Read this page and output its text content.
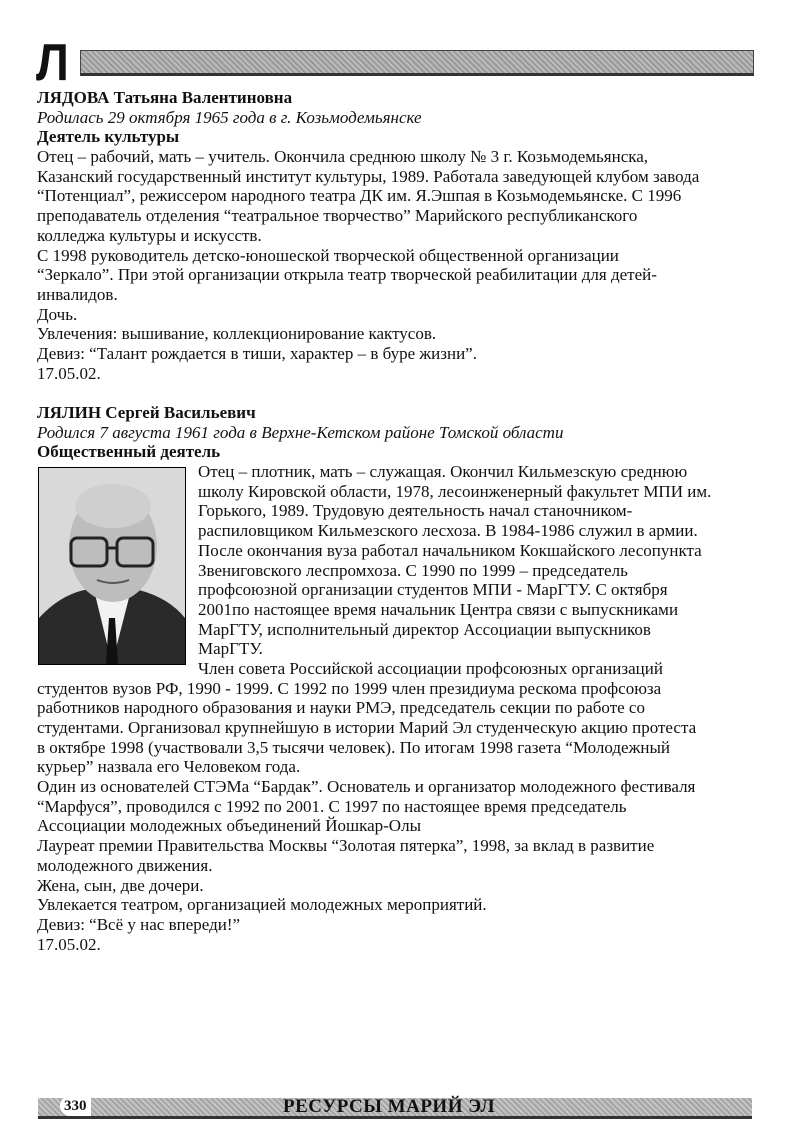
Л
ЛЯДОВА Татьяна Валентиновна
Родилась 29 октября 1965 года в г. Козьмодемьянске
Деятель культуры
Отец – рабочий, мать – учитель. Окончила среднюю школу № 3 г. Козьмодемьянска,
Казанский государственный институт культуры, 1989. Работала заведующей клубом завода
“Потенциал”, режиссером народного театра ДК им. Я.Эшпая в Козьмодемьянске. С 1996
преподаватель отделения “театральное творчество” Марийского республиканского
колледжа культуры и искусств.
С 1998 руководитель детско-юношеской творческой общественной организации
“Зеркало”. При этой организации открыла театр творческой реабилитации для детей-
инвалидов.
Дочь.
Увлечения: вышивание, коллекционирование кактусов.
Девиз: “Талант рождается в тиши, характер – в буре жизни”.
17.05.02.
ЛЯЛИН Сергей Васильевич
Родился 7 августа 1961 года в Верхне-Кетском районе Томской области
Общественный деятель
Отец – плотник, мать – служащая. Окончил Кильмезскую среднюю
школу Кировской области, 1978, лесоинженерный факультет МПИ им.
Горького, 1989. Трудовую деятельность начал станочником-
распиловщиком Кильмезского лесхоза. В 1984-1986 служил в армии.
После окончания вуза работал начальником Кокшайского лесопункта
Звениговского леспромхоза. С 1990 по 1999 – председатель
профсоюзной организации студентов МПИ - МарГТУ. С октября
2001по настоящее время начальник Центра связи с выпускниками
МарГТУ, исполнительный директор Ассоциации выпускников
МарГТУ.
Член совета Российской ассоциации профсоюзных организаций
студентов вузов РФ, 1990 - 1999. С 1992 по 1999 член президиума рескома профсоюза
работников народного образования и науки РМЭ, председатель секции по работе со
студентами. Организовал крупнейшую в истории Марий Эл студенческую акцию протеста
в октябре 1998 (участвовали 3,5 тысячи человек). По итогам 1998 газета “Молодежный
курьер” назвала его Человеком года.
Один из основателей СТЭМа “Бардак”. Основатель и организатор молодежного фестиваля
“Марфуся”, проводился с 1992 по 2001. С 1997 по настоящее время председатель
Ассоциации молодежных объединений Йошкар-Олы
Лауреат премии Правительства Москвы “Золотая пятерка”, 1998, за вклад в развитие
молодежного движения.
Жена, сын, две дочери.
Увлекается театром, организацией молодежных мероприятий.
Девиз: “Всё у нас впереди!”
17.05.02.
330	РЕСУРСЫ МАРИЙ ЭЛ
